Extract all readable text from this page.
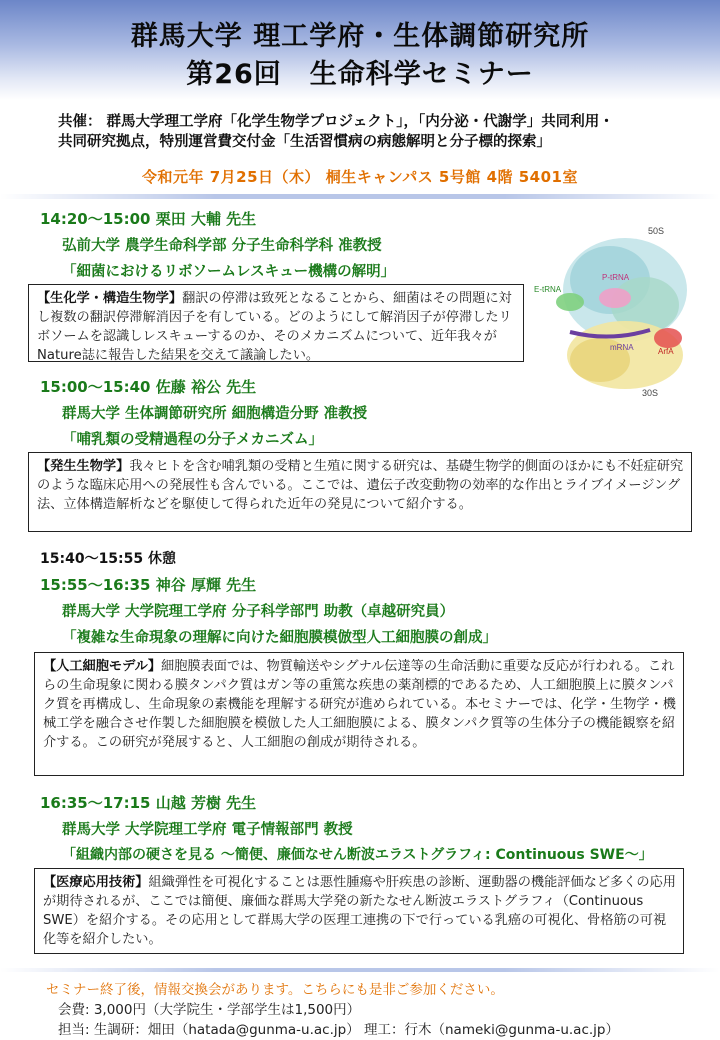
群馬大学 理工学府・生体調節研究所
第26回　生命科学セミナー
共催： 群馬大学理工学府「化学生物学プロジェクト」，「内分泌・代謝学」共同利用・
共同研究拠点，特別運営費交付金「生活習慣病の病態解明と分子標的探索」
令和元年 7月25日（木） 桐生キャンパス 5号館 4階 5401室
14:20～15:00 栗田 大輔 先生
弘前大学 農学生命科学部 分子生命科学科 准教授
「細菌におけるリボソームレスキュー機構の解明」
【生化学・構造生物学】翻訳の停滞は致死となることから、細菌はその問題に対し複数の翻訳停滞解消因子を有している。どのようにして解消因子が停滞したリボソームを認識しレスキューするのか、そのメカニズムについて、近年我々がNature誌に報告した結果を交えて議論したい。
50S
30S
P-tRNA
E-tRNA
mRNA	ArfA
15:00～15:40 佐藤 裕公 先生
群馬大学 生体調節研究所 細胞構造分野 准教授
「哺乳類の受精過程の分子メカニズム」
【発生生物学】我々ヒトを含む哺乳類の受精と生殖に関する研究は、基礎生物学的側面のほかにも不妊症研究のような臨床応用への発展性も含んでいる。ここでは、遺伝子改変動物の効率的な作出とライブイメージング法、立体構造解析などを駆使して得られた近年の発見について紹介する。
15:40～15:55 休憩
15:55～16:35 神谷 厚輝 先生
群馬大学 大学院理工学府 分子科学部門 助教（卓越研究員）
「複雑な生命現象の理解に向けた細胞膜模倣型人工細胞膜の創成」
【人工細胞モデル】細胞膜表面では、物質輸送やシグナル伝達等の生命活動に重要な反応が行われる。これらの生命現象に関わる膜タンパク質はガン等の重篤な疾患の薬剤標的であるため、人工細胞膜上に膜タンパク質を再構成し、生命現象の素機能を理解する研究が進められている。本セミナーでは、化学・生物学・機械工学を融合させ作製した細胞膜を模倣した人工細胞膜による、膜タンパク質等の生体分子の機能観察を紹介する。この研究が発展すると、人工細胞の創成が期待される。
16:35～17:15 山越 芳樹 先生
群馬大学 大学院理工学府 電子情報部門 教授
「組織内部の硬さを見る ～簡便、廉価なせん断波エラストグラフィ: Continuous SWE～」
【医療応用技術】組織弾性を可視化することは悪性腫瘍や肝疾患の診断、運動器の機能評価など多くの応用が期待されるが、ここでは簡便、廉価な群馬大学発の新たなせん断波エラストグラフィ（Continuous SWE）を紹介する。その応用として群馬大学の医理工連携の下で行っている乳癌の可視化、骨格筋の可視化等を紹介したい。
セミナー終了後，情報交換会があります。こちらにも是非ご参加ください。
会費: 3,000円（大学院生・学部学生は1,500円）
担当: 生調研：畑田（hatada@gunma-u.ac.jp） 理工：行木（nameki@gunma-u.ac.jp）
